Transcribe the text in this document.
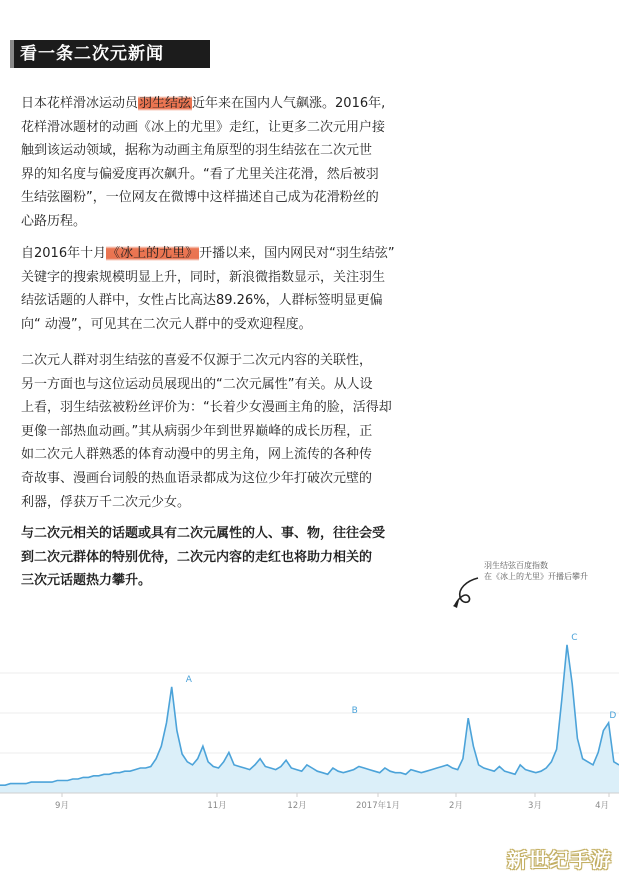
看一条二次元新闻

日本花样滑冰运动员羽生结弦近年来在国内人气飙涨。2016年,

花样滑冰题材的动画《冰上的尤里》走红，让更多二次元用户接

触到该运动领域，据称为动画主角原型的羽生结弦在二次元世

界的知名度与偏爱度再次飙升。“看了尤里关注花滑，然后被羽

生结弦圈粉”，一位网友在微博中这样描述自己成为花滑粉丝的

心路历程。

自2016年十月《冰上的尤里》开播以来，国内网民对“羽生结弦”

关键字的搜索规模明显上升，同时，新浪微指数显示，关注羽生

结弦话题的人群中，女性占比高达89.26%，人群标签明显更偏

向“ 动漫”，可见其在二次元人群中的受欢迎程度。

二次元人群对羽生结弦的喜爱不仅源于二次元内容的关联性，

另一方面也与这位运动员展现出的“二次元属性”有关。从人设

上看，羽生结弦被粉丝评价为：“长着少女漫画主角的脸，活得却

更像一部热血动画。”其从病弱少年到世界巅峰的成长历程，正

如二次元人群熟悉的体育动漫中的男主角，网上流传的各种传

奇故事、漫画台词般的热血语录都成为这位少年打破次元壁的

利器，俘获万千二次元少女。

与二次元相关的话题或具有二次元属性的人、事、物，往往会受

到二次元群体的特别优待，二次元内容的走红也将助力相关的

三次元话题热力攀升。

羽生结弦百度指数
在《冰上的尤里》开播后攀升
A
B
C
D
9月	11月	12月	2017年1月	2月	3月	4月
新世纪手游
